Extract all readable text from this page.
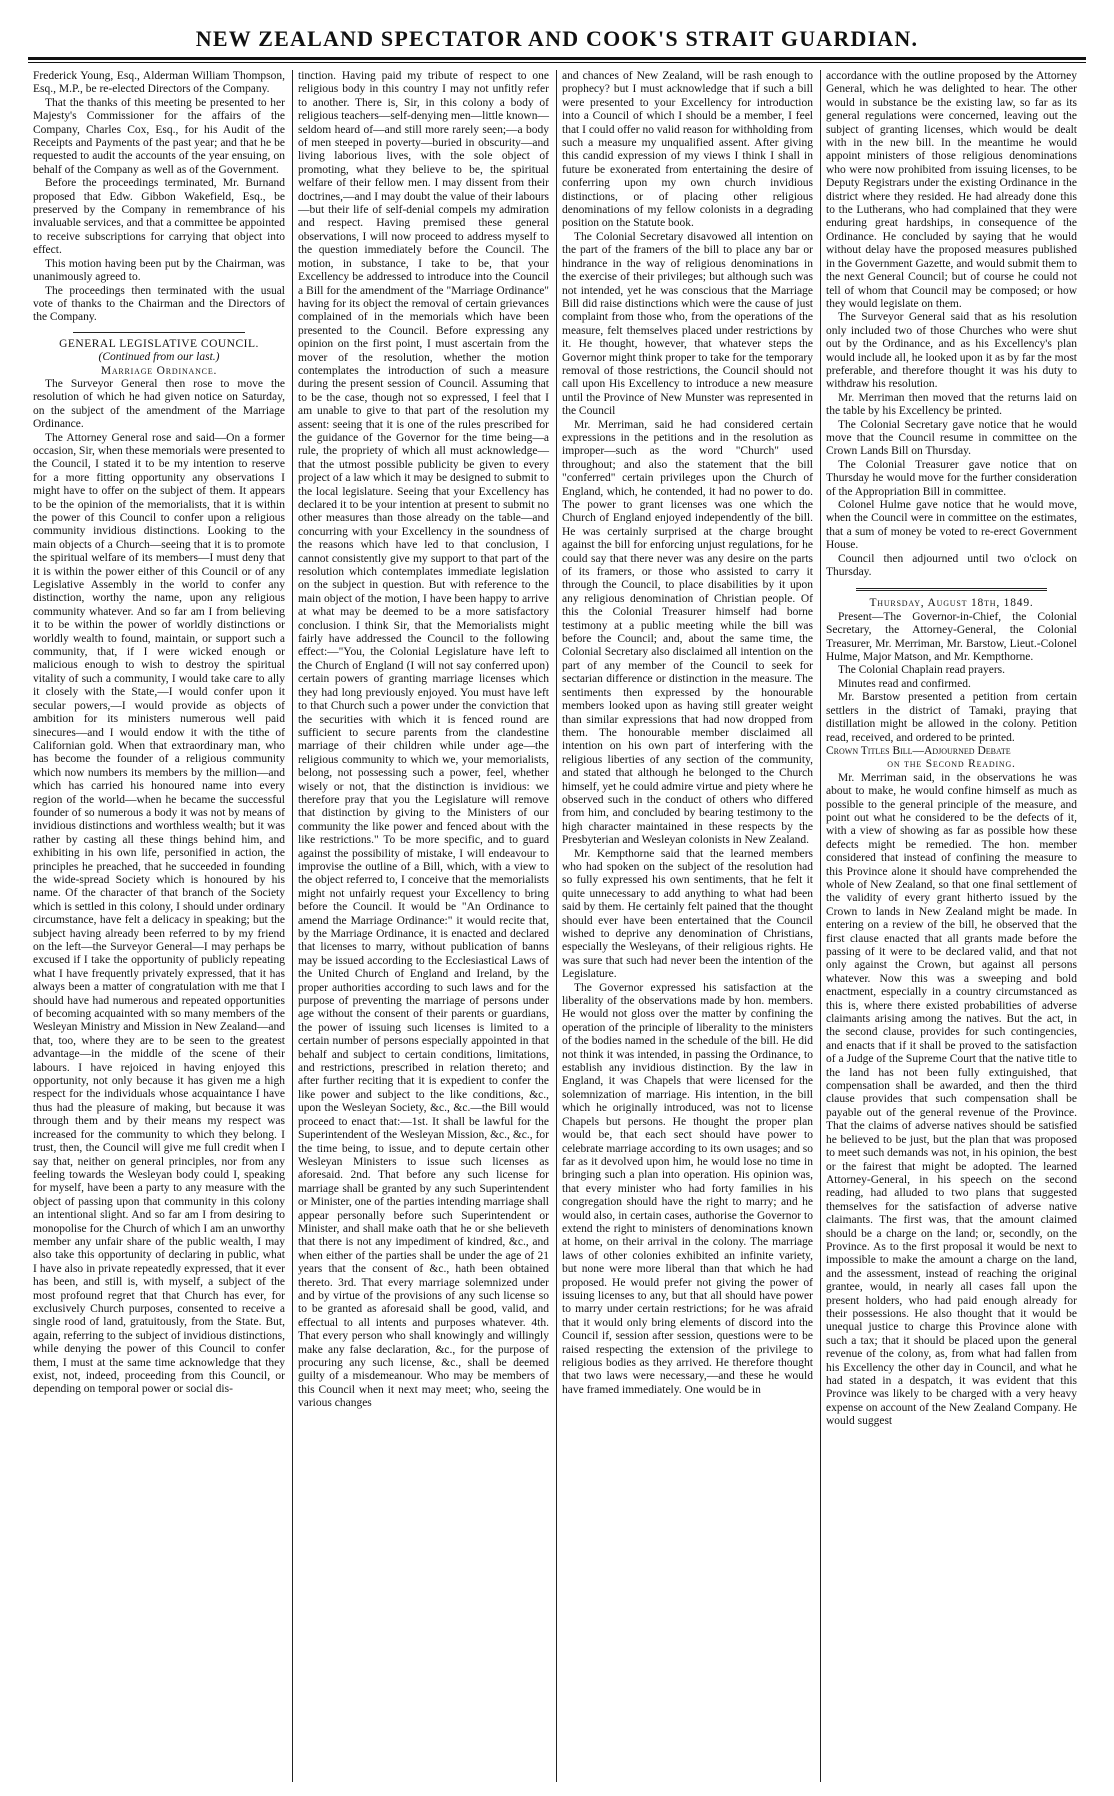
NEW ZEALAND SPECTATOR AND COOK'S STRAIT GUARDIAN.

Frederick Young, Esq., Alderman William Thompson, Esq., M.P., be re-elected Directors of the Company.

That the thanks of this meeting be presented to her Majesty's Commissioner for the affairs of the Company, Charles Cox, Esq., for his Audit of the Receipts and Payments of the past year; and that he be requested to audit the accounts of the year ensuing, on behalf of the Company as well as of the Government.

Before the proceedings terminated, Mr. Burnand proposed that Edw. Gibbon Wakefield, Esq., be preserved by the Company in remembrance of his invaluable services, and that a committee be appointed to receive subscriptions for carrying that object into effect.

This motion having been put by the Chairman, was unanimously agreed to.

The proceedings then terminated with the usual vote of thanks to the Chairman and the Directors of the Company.

GENERAL LEGISLATIVE COUNCIL.

(Continued from our last.)

Marriage Ordinance.

The Surveyor General then rose to move the resolution of which he had given notice on Saturday, on the subject of the amendment of the Marriage Ordinance.

The Attorney General rose and said—On a former occasion, Sir, when these memorials were presented to the Council, I stated it to be my intention to reserve for a more fitting opportunity any observations I might have to offer on the subject of them. It appears to be the opinion of the memorialists, that it is within the power of this Council to confer upon a religious community invidious distinctions. Looking to the main objects of a Church—seeing that it is to promote the spiritual welfare of its members—I must deny that it is within the power either of this Council or of any Legislative Assembly in the world to confer any distinction, worthy the name, upon any religious community whatever. And so far am I from believing it to be within the power of worldly distinctions or worldly wealth to found, maintain, or support such a community, that, if I were wicked enough or malicious enough to wish to destroy the spiritual vitality of such a community, I would take care to ally it closely with the State,—I would confer upon it secular powers,—I would provide as objects of ambition for its ministers numerous well paid sinecures—and I would endow it with the tithe of Californian gold. When that extraordinary man, who has become the founder of a religious community which now numbers its members by the million—and which has carried his honoured name into every region of the world—when he became the successful founder of so numerous a body it was not by means of invidious distinctions and worthless wealth; but it was rather by casting all these things behind him, and exhibiting in his own life, personified in action, the principles he preached, that he succeeded in founding the wide-spread Society which is honoured by his name. Of the character of that branch of the Society which is settled in this colony, I should under ordinary circumstance, have felt a delicacy in speaking; but the subject having already been referred to by my friend on the left—the Surveyor General—I may perhaps be excused if I take the opportunity of publicly repeating what I have frequently privately expressed, that it has always been a matter of congratulation with me that I should have had numerous and repeated opportunities of becoming acquainted with so many members of the Wesleyan Ministry and Mission in New Zealand—and that, too, where they are to be seen to the greatest advantage—in the middle of the scene of their labours. I have rejoiced in having enjoyed this opportunity, not only because it has given me a high respect for the individuals whose acquaintance I have thus had the pleasure of making, but because it was through them and by their means my respect was increased for the community to which they belong. I trust, then, the Council will give me full credit when I say that, neither on general principles, nor from any feeling towards the Wesleyan body could I, speaking for myself, have been a party to any measure with the object of passing upon that community in this colony an intentional slight. And so far am I from desiring to monopolise for the Church of which I am an unworthy member any unfair share of the public wealth, I may also take this opportunity of declaring in public, what I have also in private repeatedly expressed, that it ever has been, and still is, with myself, a subject of the most profound regret that that Church has ever, for exclusively Church purposes, consented to receive a single rood of land, gratuitously, from the State. But, again, referring to the subject of invidious distinctions, while denying the power of this Council to confer them, I must at the same time acknowledge that they exist, not, indeed, proceeding from this Council, or depending on temporal power or social dis-

tinction. Having paid my tribute of respect to one religious body in this country I may not unfitly refer to another. There is, Sir, in this colony a body of religious teachers—self-denying men—little known—seldom heard of—and still more rarely seen;—a body of men steeped in poverty—buried in obscurity—and living laborious lives, with the sole object of promoting, what they believe to be, the spiritual welfare of their fellow men. I may dissent from their doctrines,—and I may doubt the value of their labours—but their life of self-denial compels my admiration and respect. Having premised these general observations, I will now proceed to address myself to the question immediately before the Council. The motion, in substance, I take to be, that your Excellency be addressed to introduce into the Council a Bill for the amendment of the "Marriage Ordinance" having for its object the removal of certain grievances complained of in the memorials which have been presented to the Council. Before expressing any opinion on the first point, I must ascertain from the mover of the resolution, whether the motion contemplates the introduction of such a measure during the present session of Council. Assuming that to be the case, though not so expressed, I feel that I am unable to give to that part of the resolution my assent: seeing that it is one of the rules prescribed for the guidance of the Governor for the time being—a rule, the propriety of which all must acknowledge—that the utmost possible publicity be given to every project of a law which it may be designed to submit to the local legislature. Seeing that your Excellency has declared it to be your intention at present to submit no other measures than those already on the table—and concurring with your Excellency in the soundness of the reasons which have led to that conclusion, I cannot consistently give my support to that part of the resolution which contemplates immediate legislation on the subject in question. But with reference to the main object of the motion, I have been happy to arrive at what may be deemed to be a more satisfactory conclusion. I think Sir, that the Memorialists might fairly have addressed the Council to the following effect:—"You, the Colonial Legislature have left to the Church of England (I will not say conferred upon) certain powers of granting marriage licenses which they had long previously enjoyed. You must have left to that Church such a power under the conviction that the securities with which it is fenced round are sufficient to secure parents from the clandestine marriage of their children while under age—the religious community to which we, your memorialists, belong, not possessing such a power, feel, whether wisely or not, that the distinction is invidious: we therefore pray that you the Legislature will remove that distinction by giving to the Ministers of our community the like power and fenced about with the like restrictions." To be more specific, and to guard against the possibility of mistake, I will endeavour to improvise the outline of a Bill, which, with a view to the object referred to, I conceive that the memorialists might not unfairly request your Excellency to bring before the Council. It would be "An Ordinance to amend the Marriage Ordinance:" it would recite that, by the Marriage Ordinance, it is enacted and declared that licenses to marry, without publication of banns may be issued according to the Ecclesiastical Laws of the United Church of England and Ireland, by the proper authorities according to such laws and for the purpose of preventing the marriage of persons under age without the consent of their parents or guardians, the power of issuing such licenses is limited to a certain number of persons especially appointed in that behalf and subject to certain conditions, limitations, and restrictions, prescribed in relation thereto; and after further reciting that it is expedient to confer the like power and subject to the like conditions, &c., upon the Wesleyan Society, &c., &c.—the Bill would proceed to enact that:—1st. It shall be lawful for the Superintendent of the Wesleyan Mission, &c., &c., for the time being, to issue, and to depute certain other Wesleyan Ministers to issue such licenses as aforesaid. 2nd. That before any such license for marriage shall be granted by any such Superintendent or Minister, one of the parties intending marriage shall appear personally before such Superintendent or Minister, and shall make oath that he or she believeth that there is not any impediment of kindred, &c., and when either of the parties shall be under the age of 21 years that the consent of &c., hath been obtained thereto. 3rd. That every marriage solemnized under and by virtue of the provisions of any such license so to be granted as aforesaid shall be good, valid, and effectual to all intents and purposes whatever. 4th. That every person who shall knowingly and willingly make any false declaration, &c., for the purpose of procuring any such license, &c., shall be deemed guilty of a misdemeanour. Who may be members of this Council when it next may meet; who, seeing the various changes

and chances of New Zealand, will be rash enough to prophecy? but I must acknowledge that if such a bill were presented to your Excellency for introduction into a Council of which I should be a member, I feel that I could offer no valid reason for withholding from such a measure my unqualified assent. After giving this candid expression of my views I think I shall in future be exonerated from entertaining the desire of conferring upon my own church invidious distinctions, or of placing other religious denominations of my fellow colonists in a degrading position on the Statute book.

The Colonial Secretary disavowed all intention on the part of the framers of the bill to place any bar or hindrance in the way of religious denominations in the exercise of their privileges; but although such was not intended, yet he was conscious that the Marriage Bill did raise distinctions which were the cause of just complaint from those who, from the operations of the measure, felt themselves placed under restrictions by it. He thought, however, that whatever steps the Governor might think proper to take for the temporary removal of those restrictions, the Council should not call upon His Excellency to introduce a new measure until the Province of New Munster was represented in the Council

Mr. Merriman, said he had considered certain expressions in the petitions and in the resolution as improper—such as the word "Church" used throughout; and also the statement that the bill "conferred" certain privileges upon the Church of England, which, he contended, it had no power to do. The power to grant licenses was one which the Church of England enjoyed independently of the bill. He was certainly surprised at the charge brought against the bill for enforcing unjust regulations, for he could say that there never was any desire on the parts of its framers, or those who assisted to carry it through the Council, to place disabilities by it upon any religious denomination of Christian people. Of this the Colonial Treasurer himself had borne testimony at a public meeting while the bill was before the Council; and, about the same time, the Colonial Secretary also disclaimed all intention on the part of any member of the Council to seek for sectarian difference or distinction in the measure. The sentiments then expressed by the honourable members looked upon as having still greater weight than similar expressions that had now dropped from them. The honourable member disclaimed all intention on his own part of interfering with the religious liberties of any section of the community, and stated that although he belonged to the Church himself, yet he could admire virtue and piety where he observed such in the conduct of others who differed from him, and concluded by bearing testimony to the high character maintained in these respects by the Presbyterian and Wesleyan colonists in New Zealand.

Mr. Kempthorne said that the learned members who had spoken on the subject of the resolution had so fully expressed his own sentiments, that he felt it quite unnecessary to add anything to what had been said by them. He certainly felt pained that the thought should ever have been entertained that the Council wished to deprive any denomination of Christians, especially the Wesleyans, of their religious rights. He was sure that such had never been the intention of the Legislature.

The Governor expressed his satisfaction at the liberality of the observations made by hon. members. He would not gloss over the matter by confining the operation of the principle of liberality to the ministers of the bodies named in the schedule of the bill. He did not think it was intended, in passing the Ordinance, to establish any invidious distinction. By the law in England, it was Chapels that were licensed for the solemnization of marriage. His intention, in the bill which he originally introduced, was not to license Chapels but persons. He thought the proper plan would be, that each sect should have power to celebrate marriage according to its own usages; and so far as it devolved upon him, he would lose no time in bringing such a plan into operation. His opinion was, that every minister who had forty families in his congregation should have the right to marry; and he would also, in certain cases, authorise the Governor to extend the right to ministers of denominations known at home, on their arrival in the colony. The marriage laws of other colonies exhibited an infinite variety, but none were more liberal than that which he had proposed. He would prefer not giving the power of issuing licenses to any, but that all should have power to marry under certain restrictions; for he was afraid that it would only bring elements of discord into the Council if, session after session, questions were to be raised respecting the extension of the privilege to religious bodies as they arrived. He therefore thought that two laws were necessary,—and these he would have framed immediately. One would be in

accordance with the outline proposed by the Attorney General, which he was delighted to hear. The other would in substance be the existing law, so far as its general regulations were concerned, leaving out the subject of granting licenses, which would be dealt with in the new bill. In the meantime he would appoint ministers of those religious denominations who were now prohibited from issuing licenses, to be Deputy Registrars under the existing Ordinance in the district where they resided. He had already done this to the Lutherans, who had complained that they were enduring great hardships, in consequence of the Ordinance. He concluded by saying that he would without delay have the proposed measures published in the Government Gazette, and would submit them to the next General Council; but of course he could not tell of whom that Council may be composed; or how they would legislate on them.

The Surveyor General said that as his resolution only included two of those Churches who were shut out by the Ordinance, and as his Excellency's plan would include all, he looked upon it as by far the most preferable, and therefore thought it was his duty to withdraw his resolution.

Mr. Merriman then moved that the returns laid on the table by his Excellency be printed.

The Colonial Secretary gave notice that he would move that the Council resume in committee on the Crown Lands Bill on Thursday.

The Colonial Treasurer gave notice that on Thursday he would move for the further consideration of the Appropriation Bill in committee.

Colonel Hulme gave notice that he would move, when the Council were in committee on the estimates, that a sum of money be voted to re-erect Government House.

Council then adjourned until two o'clock on Thursday.

Thursday, August 18th, 1849.

Present—The Governor-in-Chief, the Colonial Secretary, the Attorney-General, the Colonial Treasurer, Mr. Merriman, Mr. Barstow, Lieut.-Colonel Hulme, Major Matson, and Mr. Kempthorne.

The Colonial Chaplain read prayers.

Minutes read and confirmed.

Mr. Barstow presented a petition from certain settlers in the district of Tamaki, praying that distillation might be allowed in the colony. Petition read, received, and ordered to be printed.

Crown Titles Bill—Adjourned Debate

on the Second Reading.

Mr. Merriman said, in the observations he was about to make, he would confine himself as much as possible to the general principle of the measure, and point out what he considered to be the defects of it, with a view of showing as far as possible how these defects might be remedied. The hon. member considered that instead of confining the measure to this Province alone it should have comprehended the whole of New Zealand, so that one final settlement of the validity of every grant hitherto issued by the Crown to lands in New Zealand might be made. In entering on a review of the bill, he observed that the first clause enacted that all grants made before the passing of it were to be declared valid, and that not only against the Crown, but against all persons whatever. Now this was a sweeping and bold enactment, especially in a country circumstanced as this is, where there existed probabilities of adverse claimants arising among the natives. But the act, in the second clause, provides for such contingencies, and enacts that if it shall be proved to the satisfaction of a Judge of the Supreme Court that the native title to the land has not been fully extinguished, that compensation shall be awarded, and then the third clause provides that such compensation shall be payable out of the general revenue of the Province. That the claims of adverse natives should be satisfied he believed to be just, but the plan that was proposed to meet such demands was not, in his opinion, the best or the fairest that might be adopted. The learned Attorney-General, in his speech on the second reading, had alluded to two plans that suggested themselves for the satisfaction of adverse native claimants. The first was, that the amount claimed should be a charge on the land; or, secondly, on the Province. As to the first proposal it would be next to impossible to make the amount a charge on the land, and the assessment, instead of reaching the original grantee, would, in nearly all cases fall upon the present holders, who had paid enough already for their possessions. He also thought that it would be unequal justice to charge this Province alone with such a tax; that it should be placed upon the general revenue of the colony, as, from what had fallen from his Excellency the other day in Council, and what he had stated in a despatch, it was evident that this Province was likely to be charged with a very heavy expense on account of the New Zealand Company. He would suggest
